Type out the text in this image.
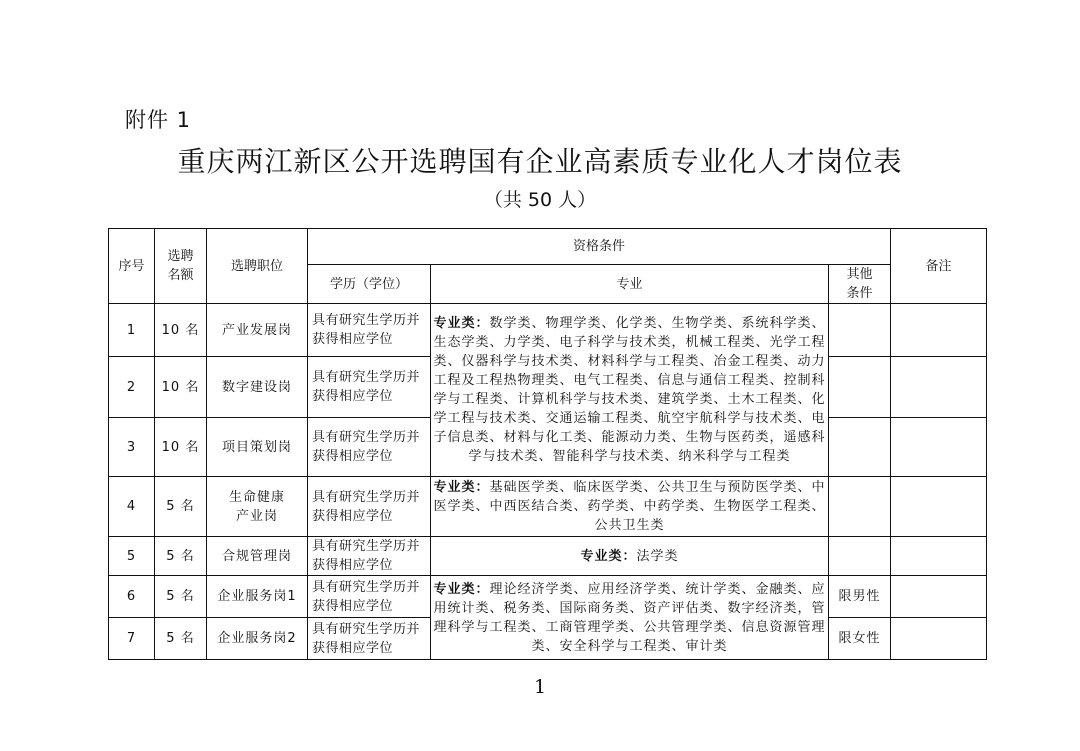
附件 1
重庆两江新区公开选聘国有企业高素质专业化人才岗位表
（共 50 人）
序号	选聘名额	选聘职位	资格条件			备注
			学历（学位）	专业	其他条件	

1	10 名	产业发展岗	具有研究生学历并获得相应学位	专业类：数学类、物理学类、化学类、生物学类、系统科学类、生态学类、力学类、电子科学与技术类，机械工程类、光学工程类、仪器科学与技术类、材料科学与工程类、冶金工程类、动力工程及工程热物理类、电气工程类、信息与通信工程类、控制科学与工程类、计算机科学与技术类、建筑学类、土木工程类、化学工程与技术类、交通运输工程类、航空宇航科学与技术类、电子信息类、材料与化工类、能源动力类、生物与医药类，遥感科学与技术类、智能科学与技术类、纳米科学与工程类		
2	10 名	数字建设岗	具有研究生学历并获得相应学位			

3	10 名	项目策划岗	具有研究生学历并获得相应学位			

4	5 名	生命健康产业岗	具有研究生学历并获得相应学位	专业类：基础医学类、临床医学类、公共卫生与预防医学类、中医学类、中西医结合类、药学类、中药学类、生物医学工程类、公共卫生类		
5	5 名	合规管理岗	具有研究生学历并获得相应学位	专业类：法学类		
6	5 名	企业服务岗1	具有研究生学历并获得相应学位	专业类：理论经济学类、应用经济学类、统计学类、金融类、应用统计类、税务类、国际商务类、资产评估类、数字经济类，管理科学与工程类、工商管理学类、公共管理学类、信息资源管理类、安全科学与工程类、审计类	限男性	
7	5 名	企业服务岗2	具有研究生学历并获得相应学位		限女性	
1
